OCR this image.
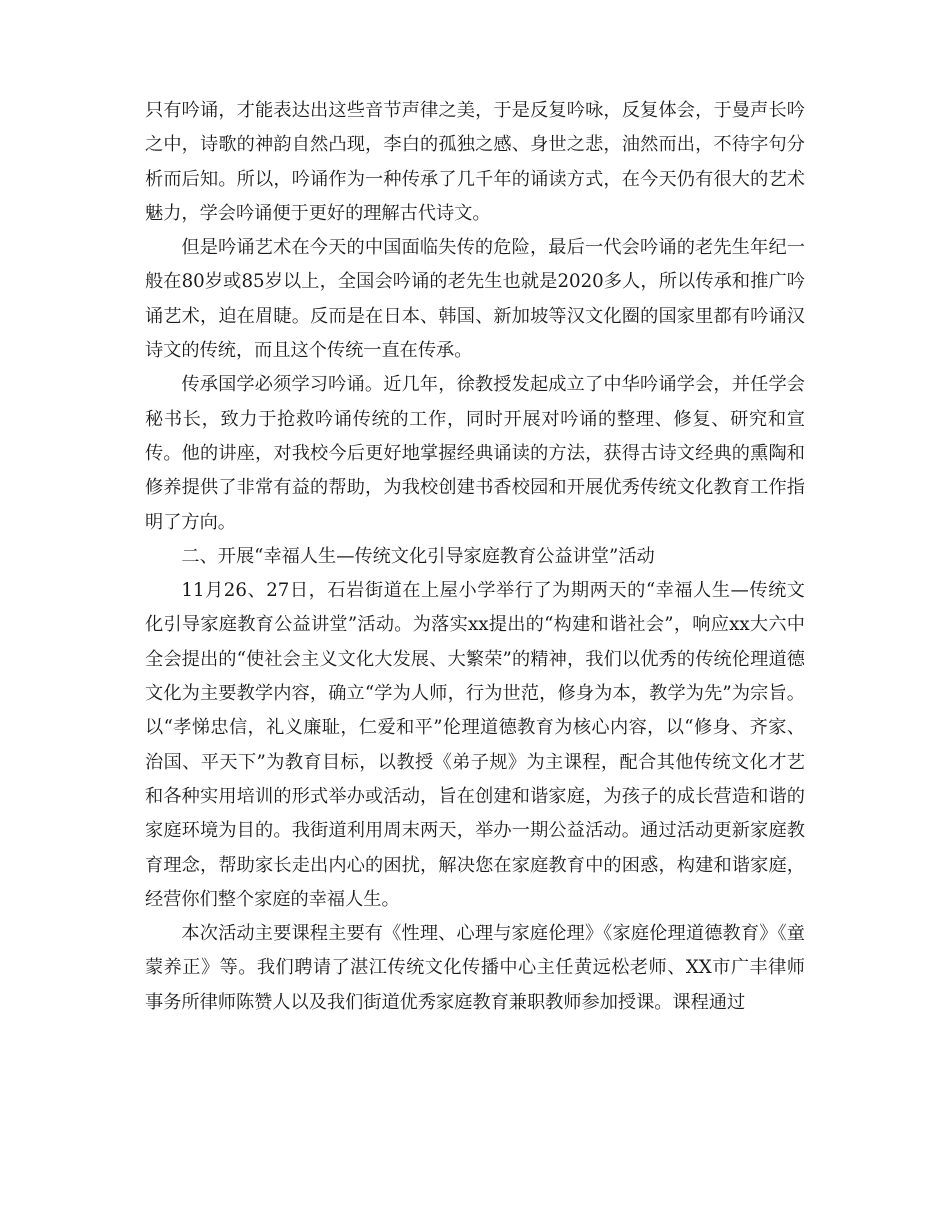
只有吟诵，才能表达出这些音节声律之美，于是反复吟咏，反复体会，于曼声长吟之中，诗歌的神韵自然凸现，李白的孤独之感、身世之悲，油然而出，不待字句分析而后知。所以，吟诵作为一种传承了几千年的诵读方式，在今天仍有很大的艺术魅力，学会吟诵便于更好的理解古代诗文。

但是吟诵艺术在今天的中国面临失传的危险，最后一代会吟诵的老先生年纪一般在80岁或85岁以上，全国会吟诵的老先生也就是2020多人，所以传承和推广吟诵艺术，迫在眉睫。反而是在日本、韩国、新加坡等汉文化圈的国家里都有吟诵汉诗文的传统，而且这个传统一直在传承。

传承国学必须学习吟诵。近几年，徐教授发起成立了中华吟诵学会，并任学会秘书长，致力于抢救吟诵传统的工作，同时开展对吟诵的整理、修复、研究和宣传。他的讲座，对我校今后更好地掌握经典诵读的方法，获得古诗文经典的熏陶和修养提供了非常有益的帮助，为我校创建书香校园和开展优秀传统文化教育工作指明了方向。

二、开展“幸福人生—传统文化引导家庭教育公益讲堂”活动

11月26、27日，石岩街道在上屋小学举行了为期两天的“幸福人生—传统文化引导家庭教育公益讲堂”活动。为落实xx提出的“构建和谐社会”，响应xx大六中全会提出的“使社会主义文化大发展、大繁荣”的精神，我们以优秀的传统伦理道德文化为主要教学内容，确立“学为人师，行为世范，修身为本，教学为先”为宗旨。以“孝悌忠信，礼义廉耻，仁爱和平”伦理道德教育为核心内容，以“修身、齐家、治国、平天下”为教育目标，以教授《弟子规》为主课程，配合其他传统文化才艺和各种实用培训的形式举办或活动，旨在创建和谐家庭，为孩子的成长营造和谐的家庭环境为目的。我街道利用周末两天，举办一期公益活动。通过活动更新家庭教育理念，帮助家长走出内心的困扰，解决您在家庭教育中的困惑，构建和谐家庭，经营你们整个家庭的幸福人生。

本次活动主要课程主要有《性理、心理与家庭伦理》《家庭伦理道德教育》《童蒙养正》等。我们聘请了湛江传统文化传播中心主任黄远松老师、XX市广丰律师事务所律师陈赞人以及我们街道优秀家庭教育兼职教师参加授课。课程通过
